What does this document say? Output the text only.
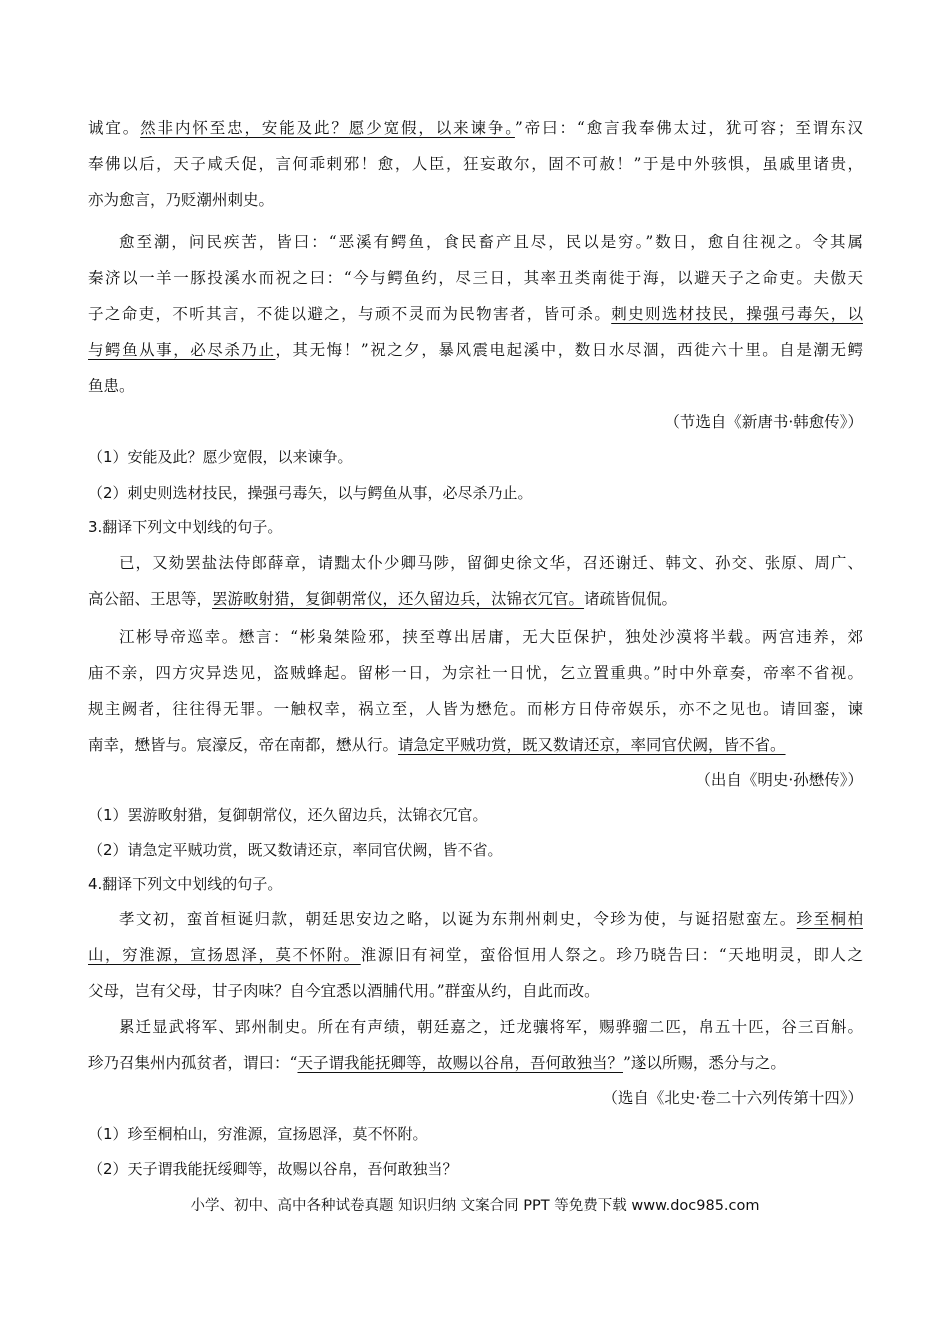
诚宜。然非内怀至忠，安能及此？愿少宽假，以来谏争。”帝曰：“愈言我奉佛太过，犹可容；至谓东汉
奉佛以后，天子咸夭促，言何乖剌邪！愈，人臣，狂妄敢尔，固不可赦！”于是中外骇惧，虽戚里诸贵，
亦为愈言，乃贬潮州刺史。
愈至潮，问民疾苦，皆曰：“恶溪有鳄鱼，食民畜产且尽，民以是穷。”数日，愈自往视之。令其属
秦济以一羊一豚投溪水而祝之曰：“今与鳄鱼约，尽三日，其率丑类南徙于海，以避天子之命吏。夫傲天
子之命吏，不听其言，不徙以避之，与顽不灵而为民物害者，皆可杀。刺史则选材技民，操强弓毒矢，以
与鳄鱼从事，必尽杀乃止，其无悔！”祝之夕，暴风震电起溪中，数日水尽涸，西徙六十里。自是潮无鳄
鱼患。
（节选自《新唐书·韩愈传》）
（1）安能及此？愿少宽假，以来谏争。
（2）刺史则选材技民，操强弓毒矢，以与鳄鱼从事，必尽杀乃止。
3.翻译下列文中划线的句子。
已，又劾罢盐法侍郎薛章，请黜太仆少卿马陟，留御史徐文华，召还谢迁、韩文、孙交、张原、周广、
高公韶、王思等，罢游畋射猎，复御朝常仪，还久留边兵，汰锦衣冗官。诸疏皆侃侃。
江彬导帝巡幸。懋言：“彬枭桀险邪，挟至尊出居庸，无大臣保护，独处沙漠将半载。两宫违养，郊
庙不亲，四方灾异迭见，盗贼蜂起。留彬一日，为宗社一日忧，乞立置重典。”时中外章奏，帝率不省视。
规主阙者，往往得无罪。一触权幸，祸立至，人皆为懋危。而彬方日侍帝娱乐，亦不之见也。请回銮，谏
南幸，懋皆与。宸濠反，帝在南都，懋从行。请急定平贼功赏，既又数请还京，率同官伏阙，皆不省。
（出自《明史·孙懋传》）
（1）罢游畋射猎，复御朝常仪，还久留边兵，汰锦衣冗官。
（2）请急定平贼功赏，既又数请还京，率同官伏阙，皆不省。
4.翻译下列文中划线的句子。
孝文初，蛮首桓诞归款，朝廷思安边之略，以诞为东荆州刺史，令珍为使，与诞招慰蛮左。珍至桐柏
山，穷淮源，宣扬恩泽，莫不怀附。淮源旧有祠堂，蛮俗恒用人祭之。珍乃晓告曰：“天地明灵，即人之
父母，岂有父母，甘子肉味？自今宜悉以酒脯代用。”群蛮从约，自此而改。
累迁显武将军、郢州制史。所在有声绩，朝廷嘉之，迁龙骧将军，赐骅骝二匹，帛五十匹，谷三百斛。
珍乃召集州内孤贫者，谓曰：“天子谓我能抚卿等，故赐以谷帛，吾何敢独当？”遂以所赐，悉分与之。
（选自《北史·卷二十六列传第十四》）
（1）珍至桐柏山，穷淮源，宣扬恩泽，莫不怀附。
（2）天子谓我能抚绥卿等，故赐以谷帛，吾何敢独当？
小学、初中、高中各种试卷真题 知识归纳 文案合同 PPT 等免费下载 www.doc985.com
